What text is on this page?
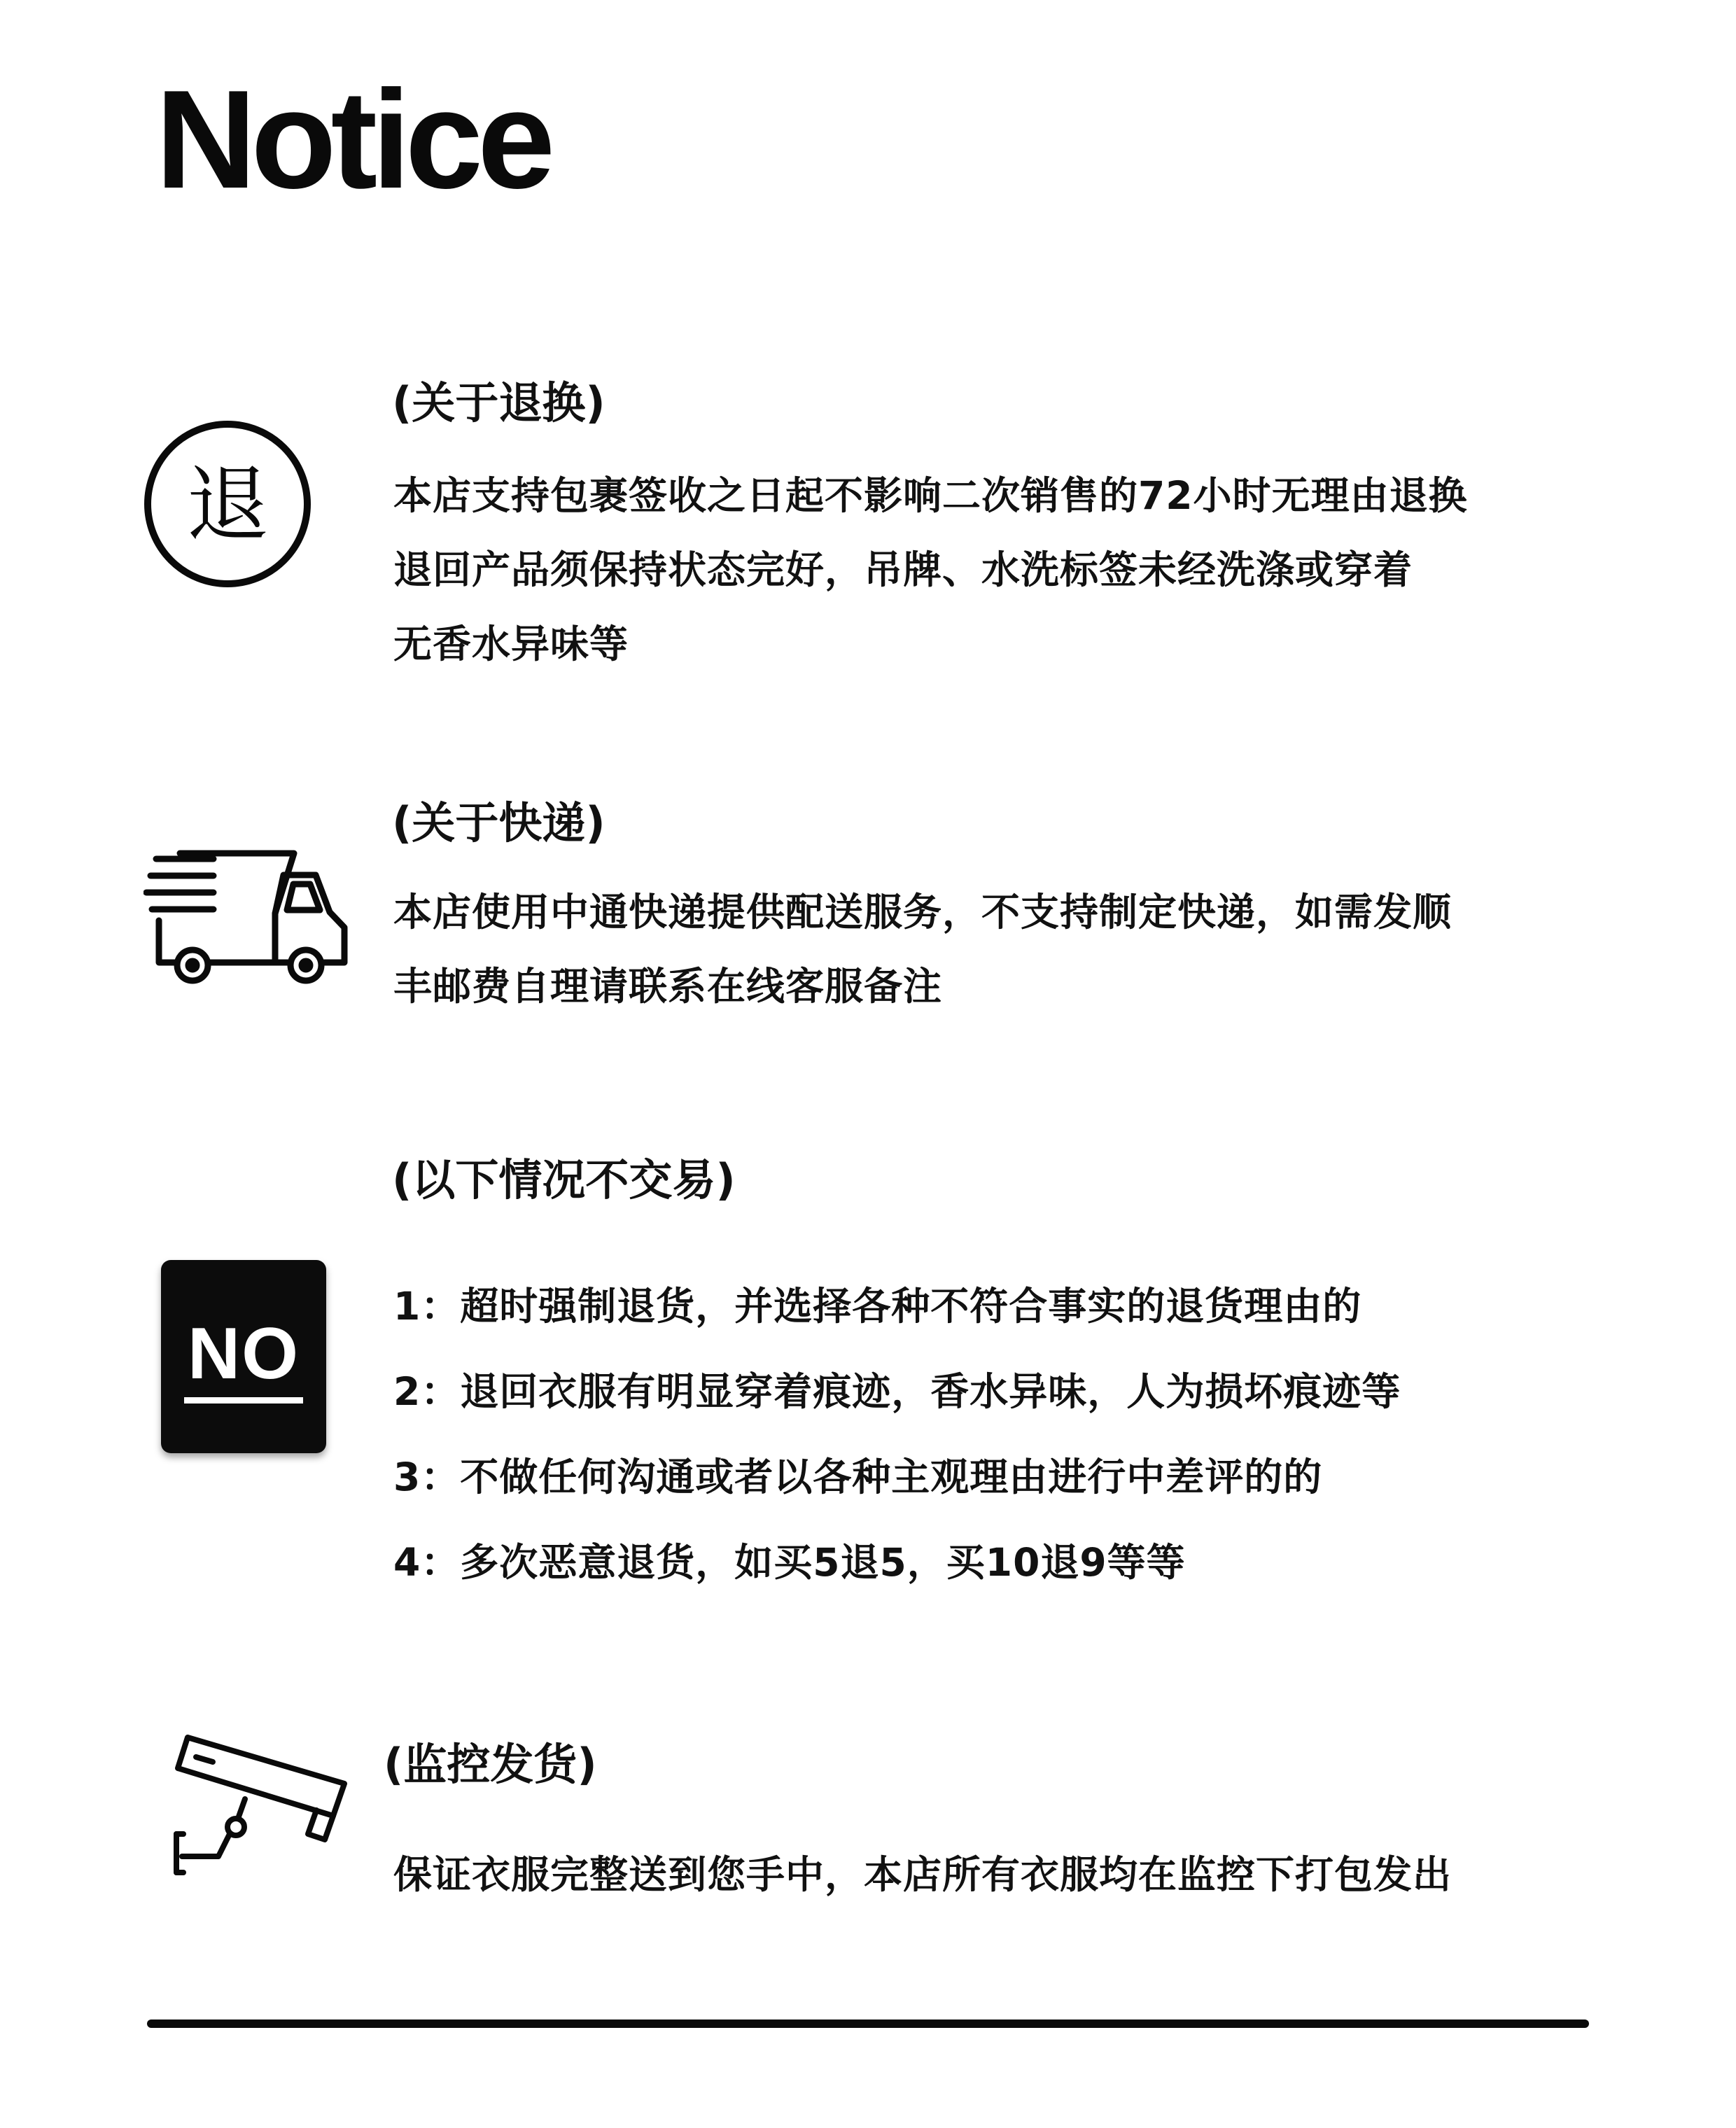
Notice
(关于退换)
退	本店支持包裹签收之日起不影响二次销售的72小时无理由退换
退回产品须保持状态完好，吊牌、水洗标签未经洗涤或穿着
无香水异味等
(关于快递)
本店使用中通快递提供配送服务，不支持制定快递，如需发顺
丰邮费自理请联系在线客服备注
(以下情况不交易)
NO
1：超时强制退货，并选择各种不符合事实的退货理由的
2：退回衣服有明显穿着痕迹，香水异味，人为损坏痕迹等
3：不做任何沟通或者以各种主观理由进行中差评的的
4：多次恶意退货，如买5退5，买10退9等等
(监控发货)
保证衣服完整送到您手中，本店所有衣服均在监控下打包发出
